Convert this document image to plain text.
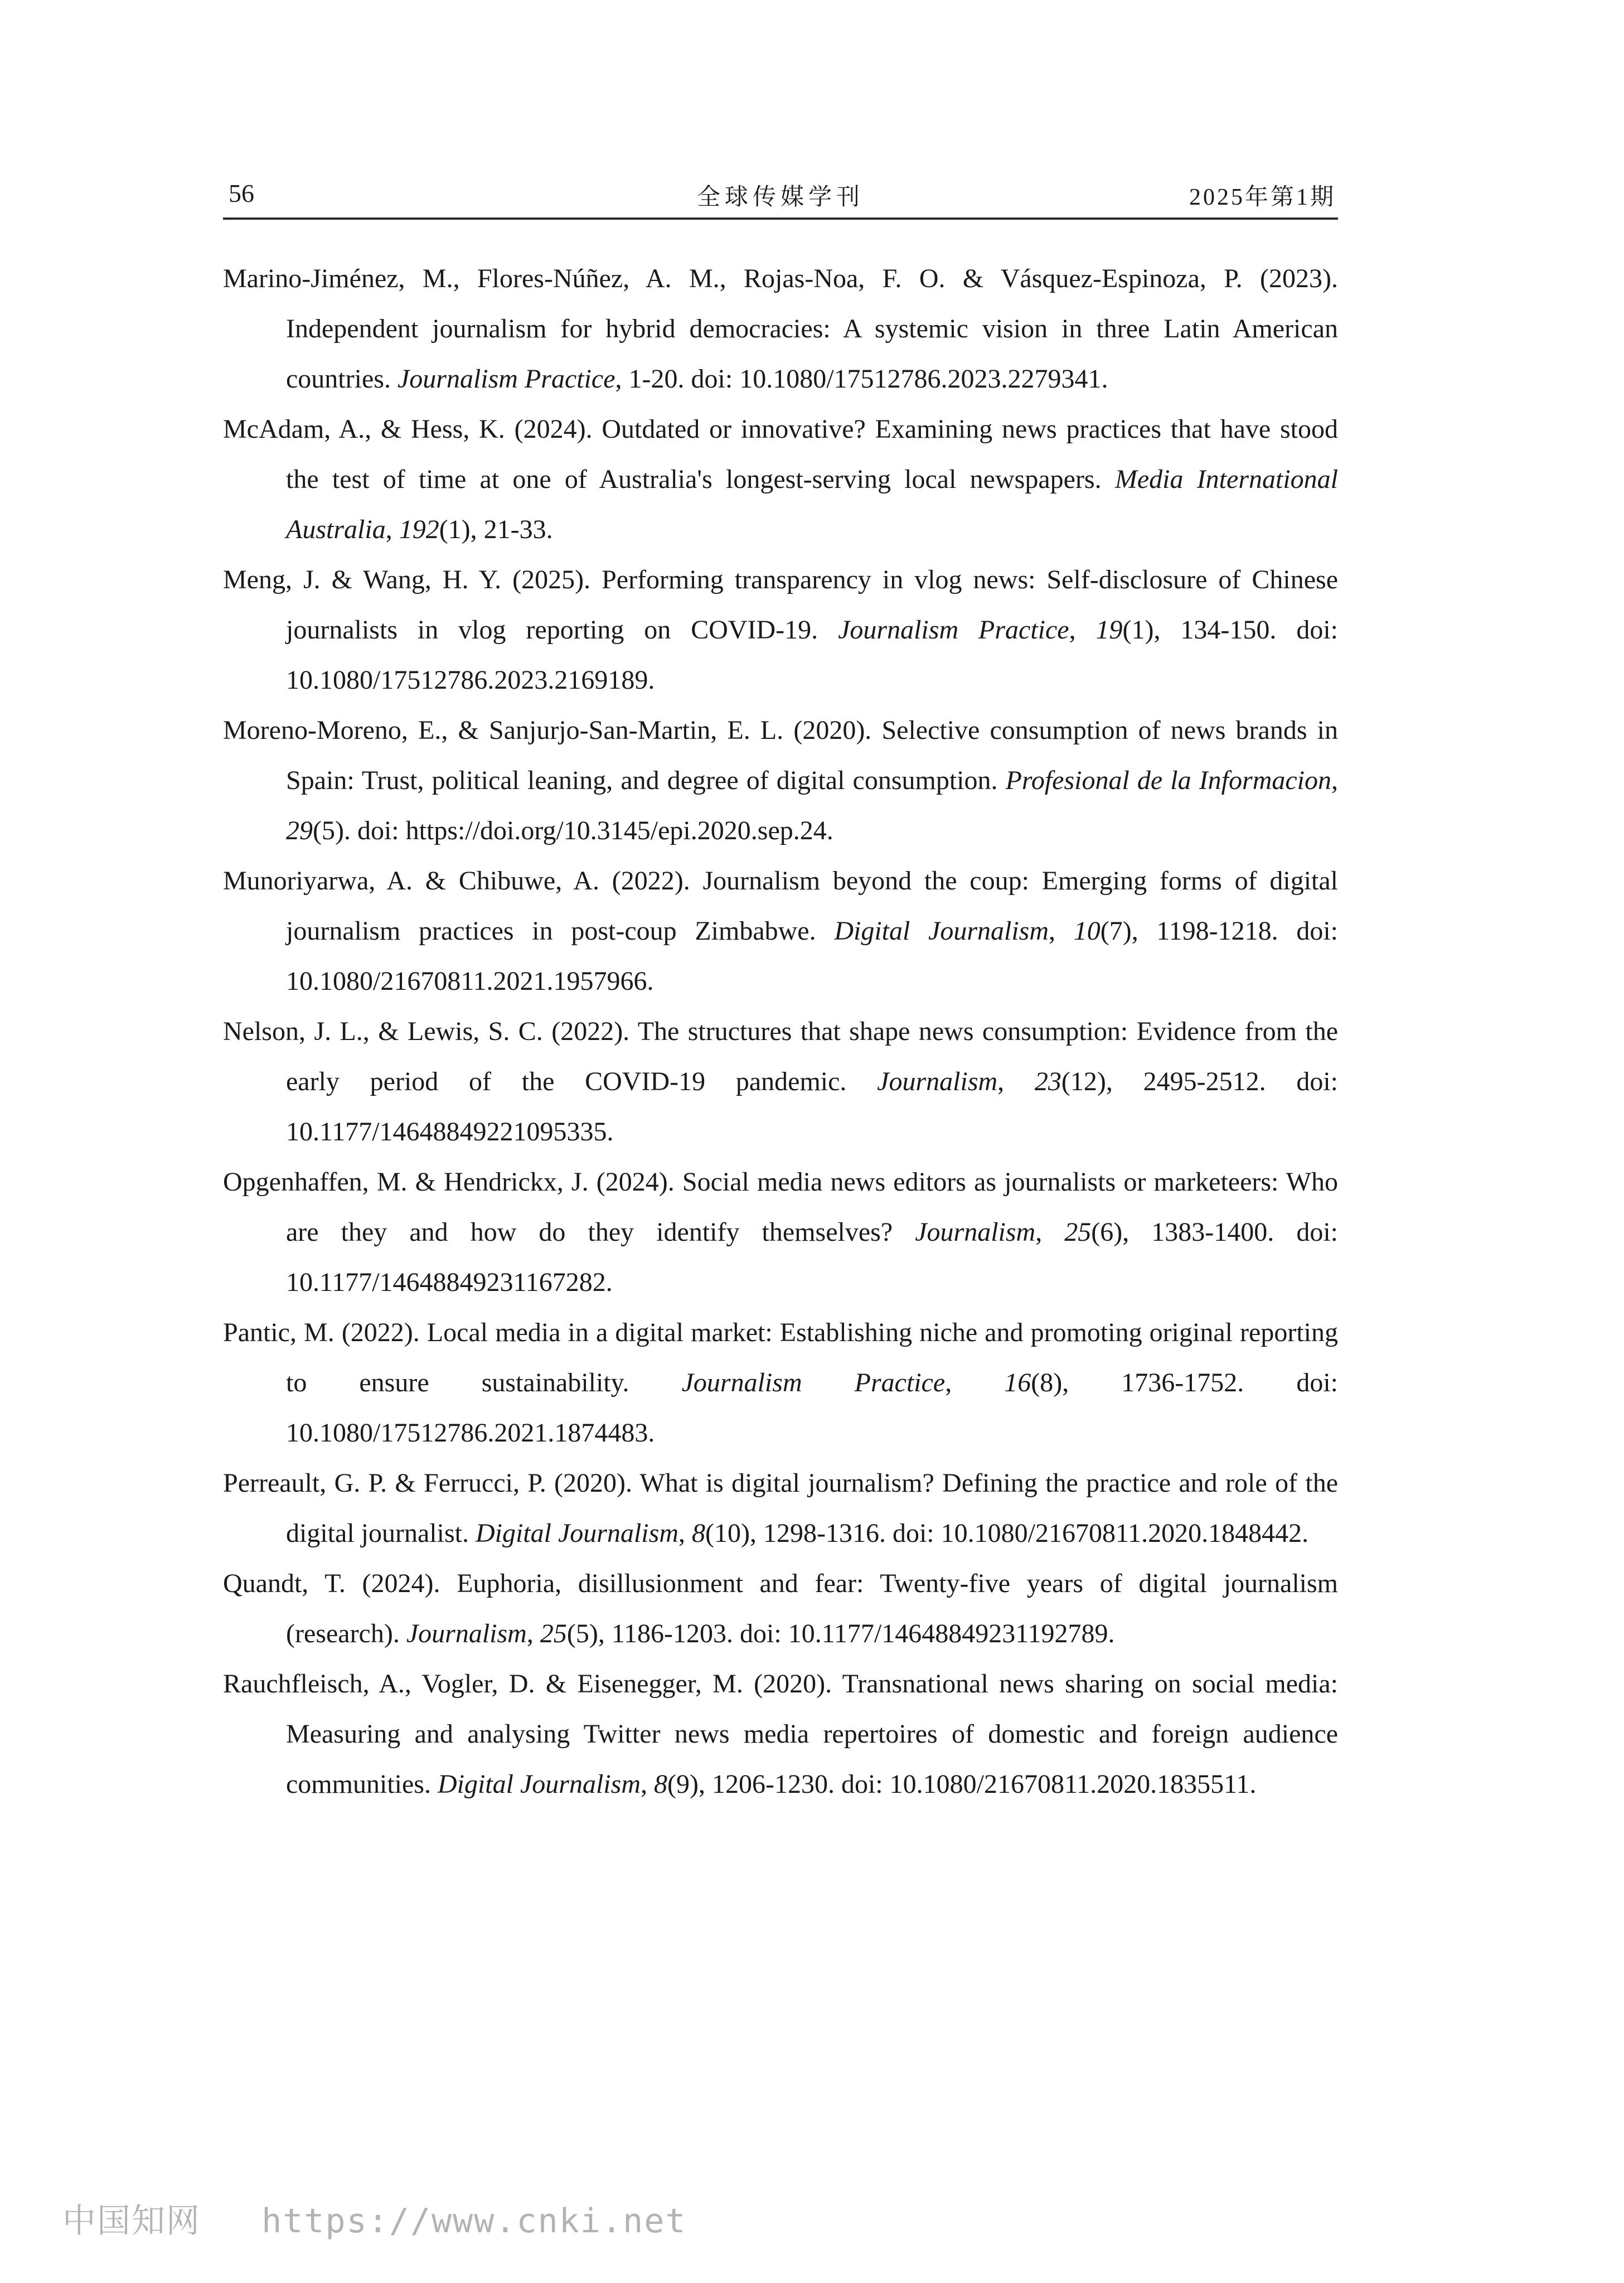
56	全球传媒学刊	2025年第1期

Marino-Jiménez, M., Flores-Núñez, A. M., Rojas-Noa, F. O. & Vásquez-Espinoza, P. (2023). Independent journalism for hybrid democracies: A systemic vision in three Latin American countries. Journalism Practice, 1-20. doi: 10.1080/17512786.2023.2279341.

McAdam, A., & Hess, K. (2024). Outdated or innovative? Examining news practices that have stood the test of time at one of Australia's longest-serving local newspapers. Media International Australia, 192(1), 21-33.

Meng, J. & Wang, H. Y. (2025). Performing transparency in vlog news: Self-disclosure of Chinese journalists in vlog reporting on COVID-19. Journalism Practice, 19(1), 134-150. doi: 10.1080/17512786.2023.2169189.

Moreno-Moreno, E., & Sanjurjo-San-Martin, E. L. (2020). Selective consumption of news brands in Spain: Trust, political leaning, and degree of digital consumption. Profesional de la Informacion, 29(5). doi: https://doi.org/10.3145/epi.2020.sep.24.

Munoriyarwa, A. & Chibuwe, A. (2022). Journalism beyond the coup: Emerging forms of digital journalism practices in post-coup Zimbabwe. Digital Journalism, 10(7), 1198-1218. doi: 10.1080/21670811.2021.1957966.

Nelson, J. L., & Lewis, S. C. (2022). The structures that shape news consumption: Evidence from the early period of the COVID-19 pandemic. Journalism, 23(12), 2495-2512. doi: 10.1177/14648849221095335.

Opgenhaffen, M. & Hendrickx, J. (2024). Social media news editors as journalists or marketeers: Who are they and how do they identify themselves? Journalism, 25(6), 1383-1400. doi: 10.1177/14648849231167282.

Pantic, M. (2022). Local media in a digital market: Establishing niche and promoting original reporting to ensure sustainability. Journalism Practice, 16(8), 1736-1752. doi: 10.1080/17512786.2021.1874483.

Perreault, G. P. & Ferrucci, P. (2020). What is digital journalism? Defining the practice and role of the digital journalist. Digital Journalism, 8(10), 1298-1316. doi: 10.1080/21670811.2020.1848442.

Quandt, T. (2024). Euphoria, disillusionment and fear: Twenty-five years of digital journalism (research). Journalism, 25(5), 1186-1203. doi: 10.1177/14648849231192789.

Rauchfleisch, A., Vogler, D. & Eisenegger, M. (2020). Transnational news sharing on social media: Measuring and analysing Twitter news media repertoires of domestic and foreign audience communities. Digital Journalism, 8(9), 1206-1230. doi: 10.1080/21670811.2020.1835511.

中国知网 https://www.cnki.net
